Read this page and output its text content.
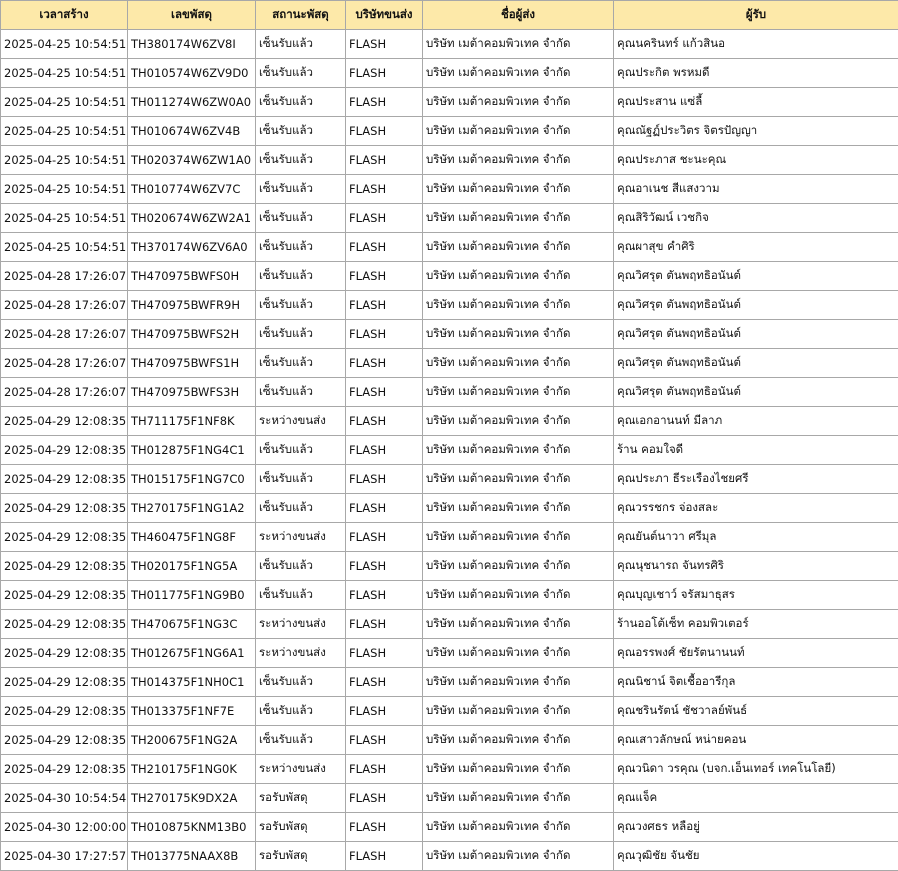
เวลาสร้าง	เลขพัสดุ	สถานะพัสดุ	บริษัทขนส่ง	ชื่อผู้ส่ง	ผู้รับ
2025-04-25 10:54:51	TH380174W6ZV8I	เซ็นรับแล้ว	FLASH	บริษัท เมต้าคอมพิวเทค จำกัด	คุณนครินทร์ แก้วสินอ
2025-04-25 10:54:51	TH010574W6ZV9D0	เซ็นรับแล้ว	FLASH	บริษัท เมต้าคอมพิวเทค จำกัด	คุณประกิต พรหมดี
2025-04-25 10:54:51	TH011274W6ZW0A0	เซ็นรับแล้ว	FLASH	บริษัท เมต้าคอมพิวเทค จำกัด	คุณประสาน แซ่ลี้
2025-04-25 10:54:51	TH010674W6ZV4B	เซ็นรับแล้ว	FLASH	บริษัท เมต้าคอมพิวเทค จำกัด	คุณณัฐฏ์ประวิตร จิตรปัญญา
2025-04-25 10:54:51	TH020374W6ZW1A0	เซ็นรับแล้ว	FLASH	บริษัท เมต้าคอมพิวเทค จำกัด	คุณประภาส ชะนะคุณ
2025-04-25 10:54:51	TH010774W6ZV7C	เซ็นรับแล้ว	FLASH	บริษัท เมต้าคอมพิวเทค จำกัด	คุณอาเนช สีแสงวาม
2025-04-25 10:54:51	TH020674W6ZW2A1	เซ็นรับแล้ว	FLASH	บริษัท เมต้าคอมพิวเทค จำกัด	คุณสิริวัฒน์ เวชกิจ
2025-04-25 10:54:51	TH370174W6ZV6A0	เซ็นรับแล้ว	FLASH	บริษัท เมต้าคอมพิวเทค จำกัด	คุณผาสุข คำศิริ
2025-04-28 17:26:07	TH470975BWFS0H	เซ็นรับแล้ว	FLASH	บริษัท เมต้าคอมพิวเทค จำกัด	คุณวิศรุต ตันพฤทธิอนันต์
2025-04-28 17:26:07	TH470975BWFR9H	เซ็นรับแล้ว	FLASH	บริษัท เมต้าคอมพิวเทค จำกัด	คุณวิศรุต ตันพฤทธิอนันต์
2025-04-28 17:26:07	TH470975BWFS2H	เซ็นรับแล้ว	FLASH	บริษัท เมต้าคอมพิวเทค จำกัด	คุณวิศรุต ตันพฤทธิอนันต์
2025-04-28 17:26:07	TH470975BWFS1H	เซ็นรับแล้ว	FLASH	บริษัท เมต้าคอมพิวเทค จำกัด	คุณวิศรุต ตันพฤทธิอนันต์
2025-04-28 17:26:07	TH470975BWFS3H	เซ็นรับแล้ว	FLASH	บริษัท เมต้าคอมพิวเทค จำกัด	คุณวิศรุต ตันพฤทธิอนันต์
2025-04-29 12:08:35	TH711175F1NF8K	ระหว่างขนส่ง	FLASH	บริษัท เมต้าคอมพิวเทค จำกัด	คุณเอกอานนท์ มีลาภ
2025-04-29 12:08:35	TH012875F1NG4C1	เซ็นรับแล้ว	FLASH	บริษัท เมต้าคอมพิวเทค จำกัด	ร้าน คอมใจดี
2025-04-29 12:08:35	TH015175F1NG7C0	เซ็นรับแล้ว	FLASH	บริษัท เมต้าคอมพิวเทค จำกัด	คุณประภา ธีระเรืองไชยศรี
2025-04-29 12:08:35	TH270175F1NG1A2	เซ็นรับแล้ว	FLASH	บริษัท เมต้าคอมพิวเทค จำกัด	คุณวรรชกร จ่องสละ
2025-04-29 12:08:35	TH460475F1NG8F	ระหว่างขนส่ง	FLASH	บริษัท เมต้าคอมพิวเทค จำกัด	คุณยันต์นาวา ศรีมุล
2025-04-29 12:08:35	TH020175F1NG5A	เซ็นรับแล้ว	FLASH	บริษัท เมต้าคอมพิวเทค จำกัด	คุณนุชนารถ จันทรศิริ
2025-04-29 12:08:35	TH011775F1NG9B0	เซ็นรับแล้ว	FLASH	บริษัท เมต้าคอมพิวเทค จำกัด	คุณบุญเชาว์ จรัสมาธุสร
2025-04-29 12:08:35	TH470675F1NG3C	ระหว่างขนส่ง	FLASH	บริษัท เมต้าคอมพิวเทค จำกัด	ร้านออโต้เซ็ท คอมพิวเตอร์
2025-04-29 12:08:35	TH012675F1NG6A1	ระหว่างขนส่ง	FLASH	บริษัท เมต้าคอมพิวเทค จำกัด	คุณอรรพงศ์ ชัยรัตนานนท์
2025-04-29 12:08:35	TH014375F1NH0C1	เซ็นรับแล้ว	FLASH	บริษัท เมต้าคอมพิวเทค จำกัด	คุณนิชาน์ จิตเชื้ออารีกุล
2025-04-29 12:08:35	TH013375F1NF7E	เซ็นรับแล้ว	FLASH	บริษัท เมต้าคอมพิวเทค จำกัด	คุณชรินรัตน์ ชัชวาลย์พันธ์
2025-04-29 12:08:35	TH200675F1NG2A	เซ็นรับแล้ว	FLASH	บริษัท เมต้าคอมพิวเทค จำกัด	คุณเสาวลักษณ์ หน่ายคอน
2025-04-29 12:08:35	TH210175F1NG0K	ระหว่างขนส่ง	FLASH	บริษัท เมต้าคอมพิวเทค จำกัด	คุณวนิดา วรคุณ (บจก.เอ็นเทอร์ เทคโนโลยี)
2025-04-30 10:54:54	TH270175K9DX2A	รอรับพัสดุ	FLASH	บริษัท เมต้าคอมพิวเทค จำกัด	คุณแจ็ค
2025-04-30 12:00:00	TH010875KNM13B0	รอรับพัสดุ	FLASH	บริษัท เมต้าคอมพิวเทค จำกัด	คุณวงศธร หลือยู่
2025-04-30 17:27:57	TH013775NAAX8B	รอรับพัสดุ	FLASH	บริษัท เมต้าคอมพิวเทค จำกัด	คุณวุฒิชัย จันชัย
